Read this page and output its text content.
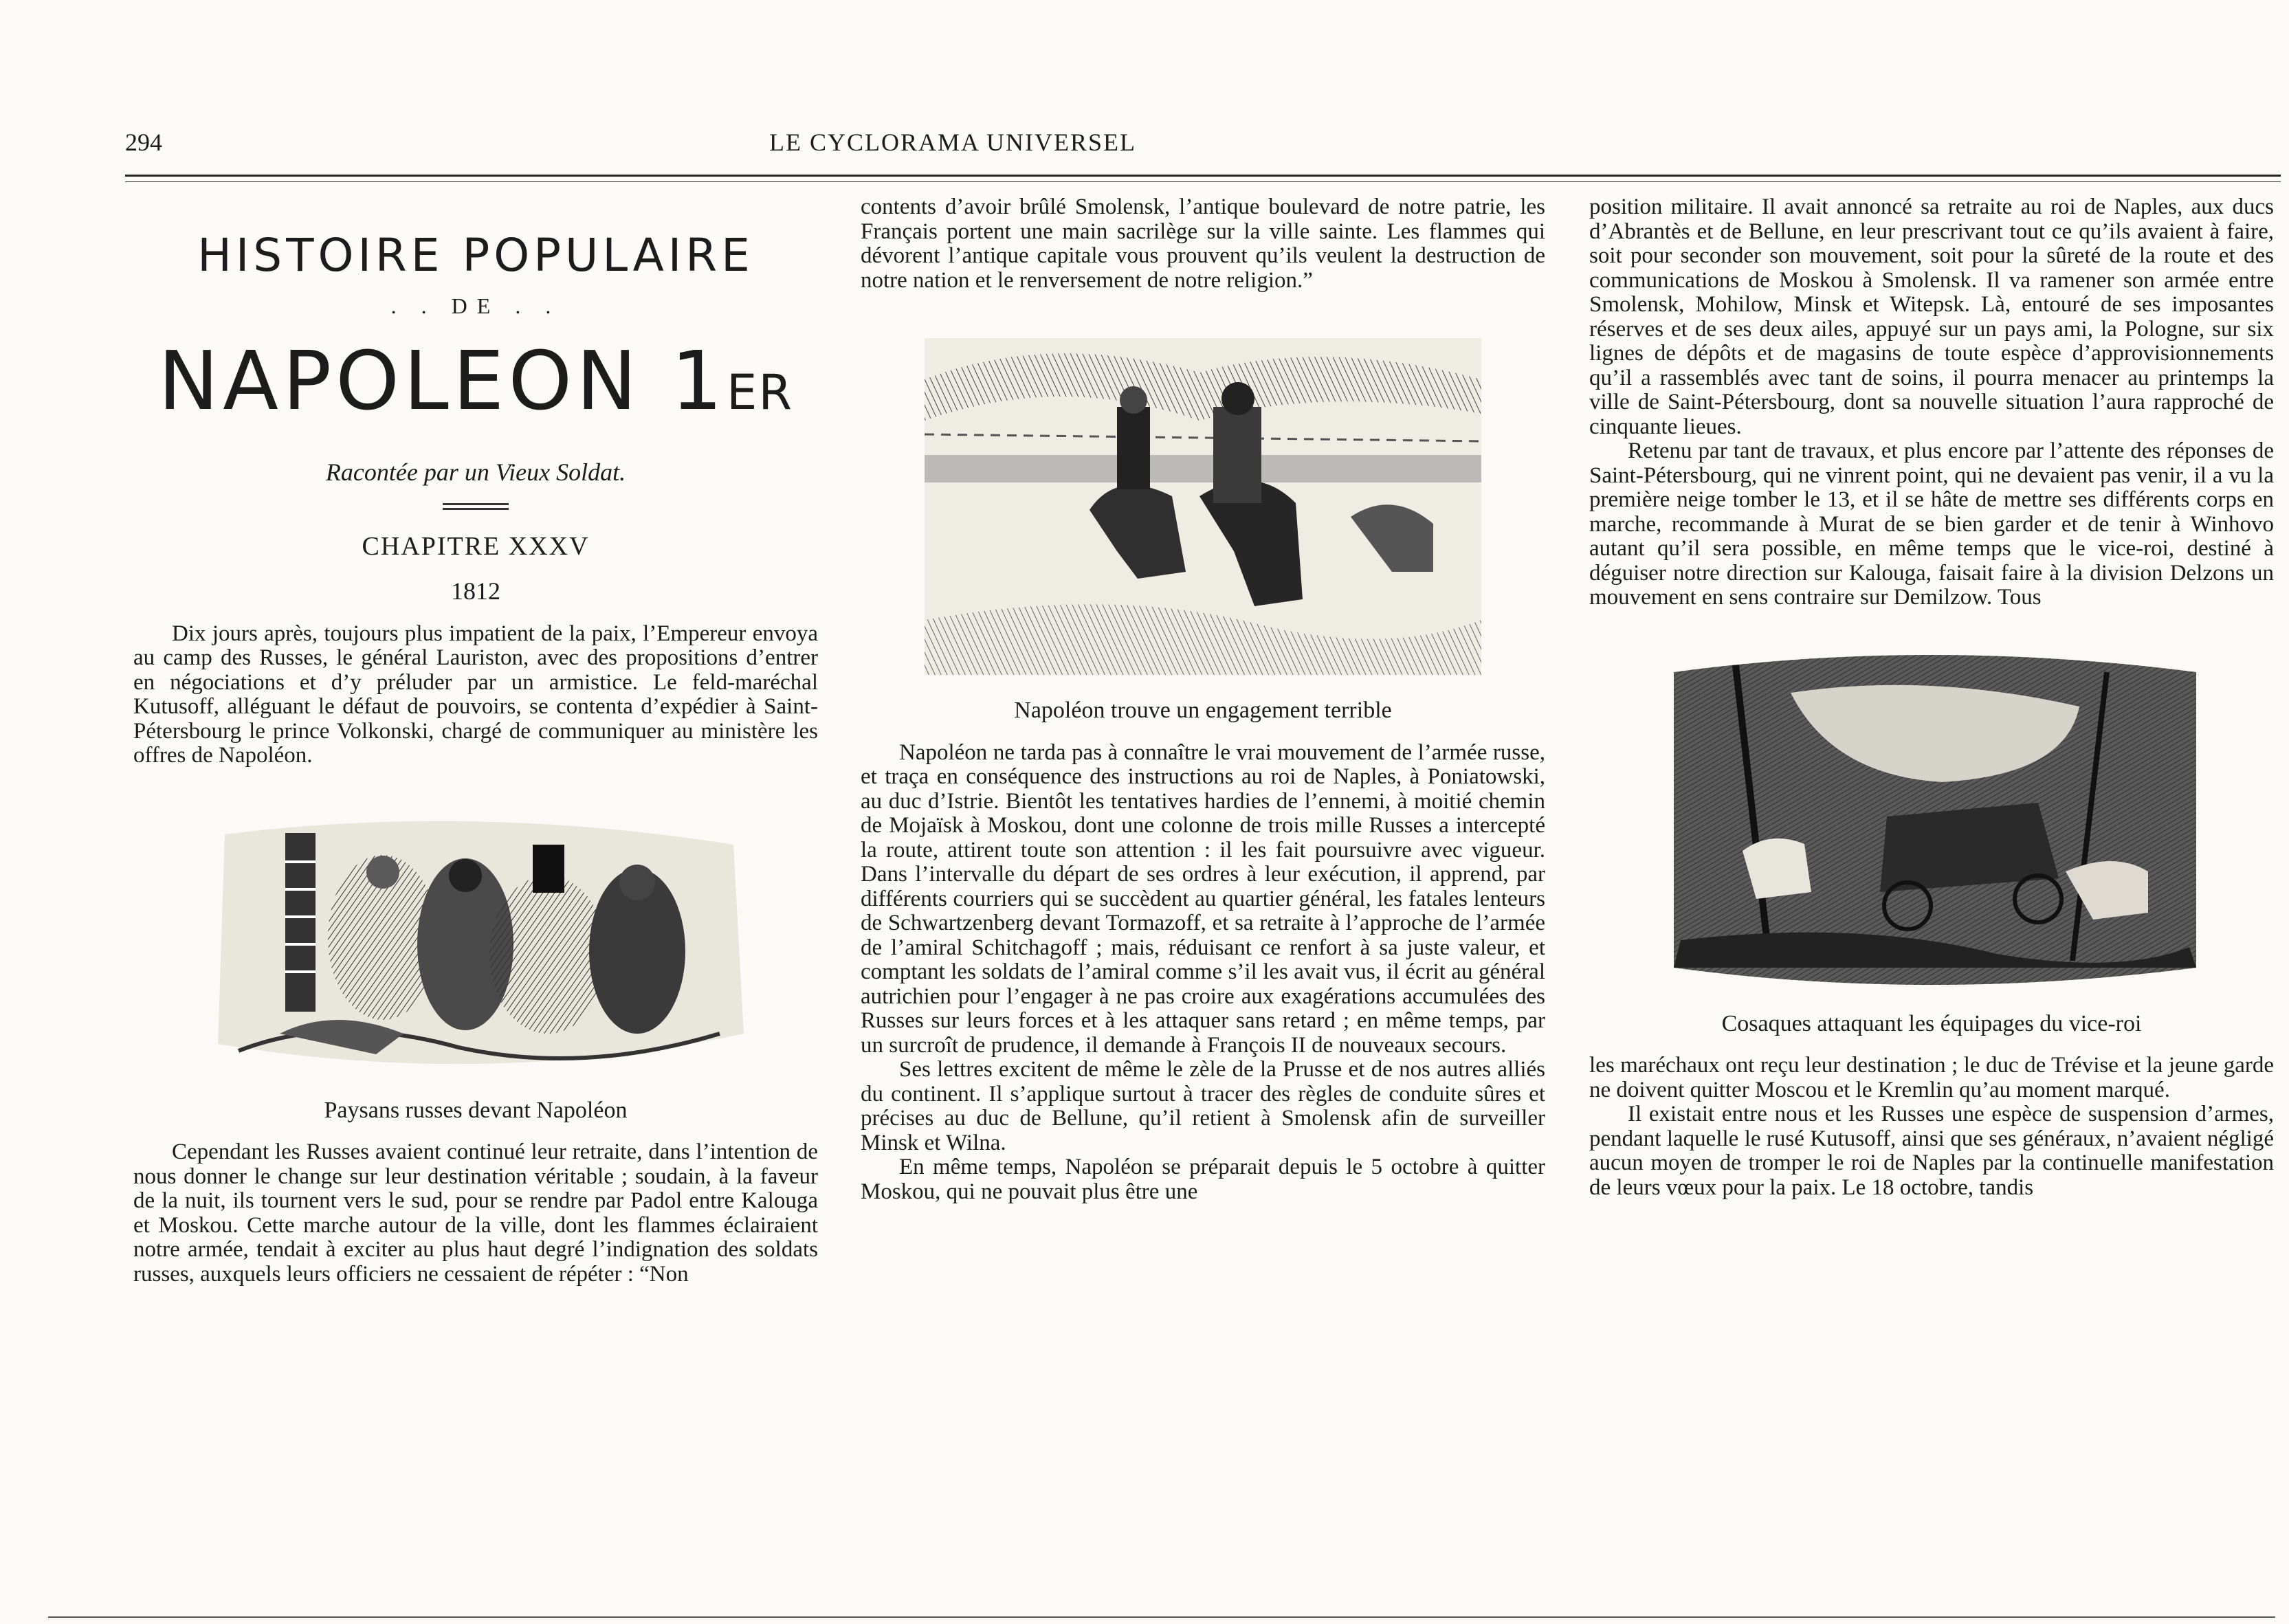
294	LE CYCLORAMA UNIVERSEL
HISTOIRE POPULAIRE
. . DE . .
NAPOLEON 1ER
Racontée par un Vieux Soldat.
CHAPITRE XXXV
1812

Dix jours après, toujours plus impatient de la paix, l’Empereur envoya au camp des Russes, le général Lauriston, avec des propositions d’entrer en négociations et d’y préluder par un armistice. Le feld-maréchal Kutusoff, alléguant le défaut de pouvoirs, se contenta d’expédier à Saint-Pétersbourg le prince Volkonski, chargé de communiquer au ministère les offres de Napoléon.

Paysans russes devant Napoléon

Cependant les Russes avaient continué leur retraite, dans l’intention de nous donner le change sur leur destination véritable ; soudain, à la faveur de la nuit, ils tournent vers le sud, pour se rendre par Padol entre Kalouga et Moskou. Cette marche autour de la ville, dont les flammes éclairaient notre armée, tendait à exciter au plus haut degré l’indignation des soldats russes, auxquels leurs officiers ne cessaient de répéter : “Non

contents d’avoir brûlé Smolensk, l’antique boulevard de notre patrie, les Français portent une main sacrilège sur la ville sainte. Les flammes qui dévorent l’antique capitale vous prouvent qu’ils veulent la destruction de notre nation et le renversement de notre religion.”

Napoléon trouve un engagement terrible

Napoléon ne tarda pas à connaître le vrai mouvement de l’armée russe, et traça en conséquence des instructions au roi de Naples, à Poniatowski, au duc d’Istrie. Bientôt les tentatives hardies de l’ennemi, à moitié chemin de Mojaïsk à Moskou, dont une colonne de trois mille Russes a intercepté la route, attirent toute son attention : il les fait poursuivre avec vigueur. Dans l’intervalle du départ de ses ordres à leur exécution, il apprend, par différents courriers qui se succèdent au quartier général, les fatales lenteurs de Schwartzenberg devant Tormazoff, et sa retraite à l’approche de l’armée de l’amiral Schitchagoff ; mais, réduisant ce renfort à sa juste valeur, et comptant les soldats de l’amiral comme s’il les avait vus, il écrit au général autrichien pour l’engager à ne pas croire aux exagérations accumulées des Russes sur leurs forces et à les attaquer sans retard ; en même temps, par un surcroît de prudence, il demande à François II de nouveaux secours.

Ses lettres excitent de même le zèle de la Prusse et de nos autres alliés du continent. Il s’applique surtout à tracer des règles de conduite sûres et précises au duc de Bellune, qu’il retient à Smolensk afin de surveiller Minsk et Wilna.

En même temps, Napoléon se préparait depuis le 5 octobre à quitter Moskou, qui ne pouvait plus être une

position militaire. Il avait annoncé sa retraite au roi de Naples, aux ducs d’Abrantès et de Bellune, en leur prescrivant tout ce qu’ils avaient à faire, soit pour seconder son mouvement, soit pour la sûreté de la route et des communications de Moskou à Smolensk. Il va ramener son armée entre Smolensk, Mohilow, Minsk et Witepsk. Là, entouré de ses imposantes réserves et de ses deux ailes, appuyé sur un pays ami, la Pologne, sur six lignes de dépôts et de magasins de toute espèce d’approvisionnements qu’il a rassemblés avec tant de soins, il pourra menacer au printemps la ville de Saint-Pétersbourg, dont sa nouvelle situation l’aura rapproché de cinquante lieues.

Retenu par tant de travaux, et plus encore par l’attente des réponses de Saint-Pétersbourg, qui ne vinrent point, qui ne devaient pas venir, il a vu la première neige tomber le 13, et il se hâte de mettre ses différents corps en marche, recommande à Murat de se bien garder et de tenir à Winhovo autant qu’il sera possible, en même temps que le vice-roi, destiné à déguiser notre direction sur Kalouga, faisait faire à la division Delzons un mouvement en sens contraire sur Demilzow. Tous

Cosaques attaquant les équipages du vice-roi

les maréchaux ont reçu leur destination ; le duc de Trévise et la jeune garde ne doivent quitter Moscou et le Kremlin qu’au moment marqué.

Il existait entre nous et les Russes une espèce de suspension d’armes, pendant laquelle le rusé Kutusoff, ainsi que ses généraux, n’avaient négligé aucun moyen de tromper le roi de Naples par la continuelle manifestation de leurs vœux pour la paix. Le 18 octobre, tandis
